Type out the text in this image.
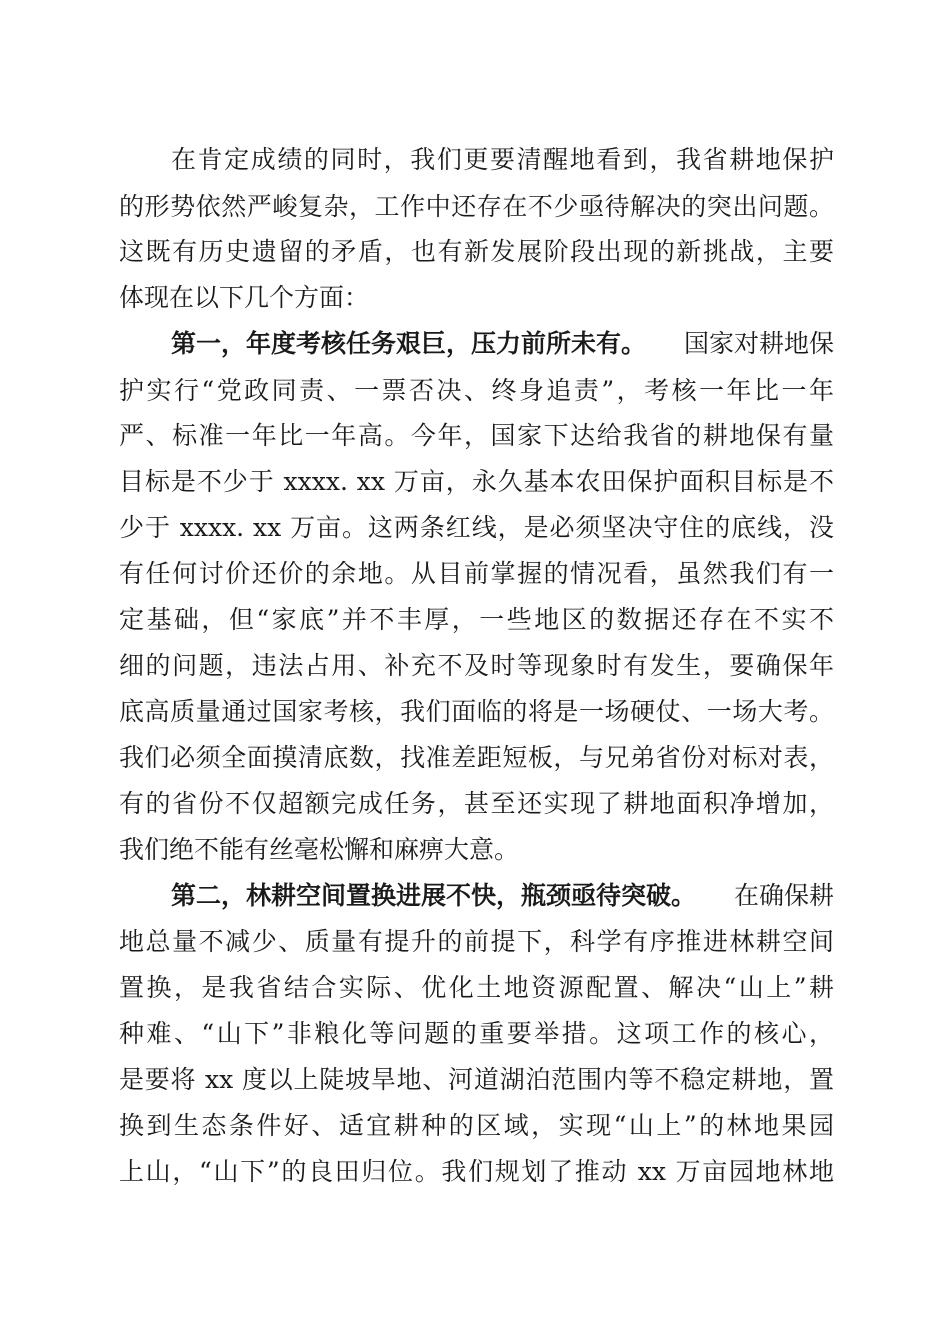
在肯定成绩的同时，我们更要清醒地看到，我省耕地保护
的形势依然严峻复杂，工作中还存在不少亟待解决的突出问题。
这既有历史遗留的矛盾，也有新发展阶段出现的新挑战，主要
体现在以下几个方面：
第一，年度考核任务艰巨，压力前所未有。 国家对耕地保
护实行“党政同责、一票否决、终身追责”，考核一年比一年
严、标准一年比一年高。今年，国家下达给我省的耕地保有量
目标是不少于 xxxx. xx 万亩，永久基本农田保护面积目标是不
少于 xxxx. xx 万亩。这两条红线，是必须坚决守住的底线，没
有任何讨价还价的余地。从目前掌握的情况看，虽然我们有一
定基础，但“家底”并不丰厚，一些地区的数据还存在不实不
细的问题，违法占用、补充不及时等现象时有发生，要确保年
底高质量通过国家考核，我们面临的将是一场硬仗、一场大考。
我们必须全面摸清底数，找准差距短板，与兄弟省份对标对表，
有的省份不仅超额完成任务，甚至还实现了耕地面积净增加，
我们绝不能有丝毫松懈和麻痹大意。
第二，林耕空间置换进展不快，瓶颈亟待突破。 在确保耕
地总量不减少、质量有提升的前提下，科学有序推进林耕空间
置换，是我省结合实际、优化土地资源配置、解决“山上”耕
种难、“山下”非粮化等问题的重要举措。这项工作的核心，
是要将 xx 度以上陡坡旱地、河道湖泊范围内等不稳定耕地，置
换到生态条件好、适宜耕种的区域，实现“山上”的林地果园
上山，“山下”的良田归位。我们规划了推动 xx 万亩园地林地
